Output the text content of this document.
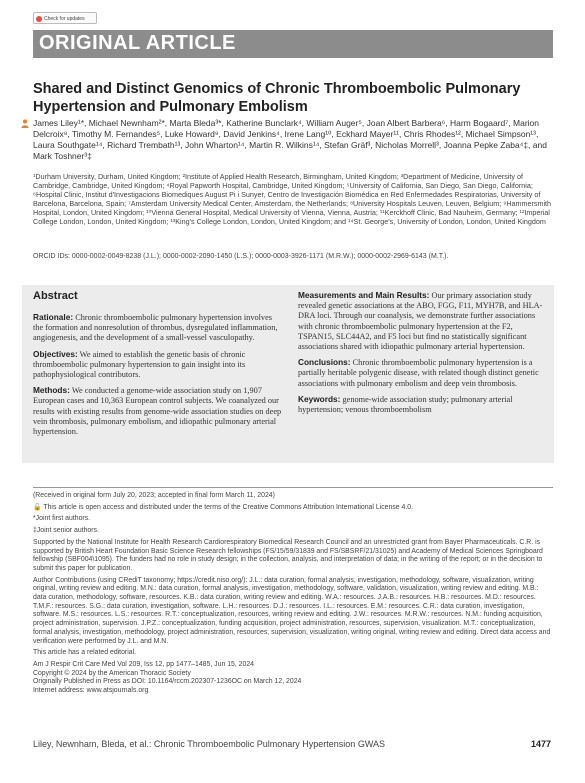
Check for updates
ORIGINAL ARTICLE
Shared and Distinct Genomics of Chronic Thromboembolic Pulmonary Hypertension and Pulmonary Embolism
James Liley¹*, Michael Newnham²*, Marta Bleda³*, Katherine Bunclark⁴, William Auger⁵, Joan Albert Barbera⁶, Harm Bogaard⁷, Marion Delcroix⁸, Timothy M. Fernandes⁵, Luke Howard⁹, David Jenkins⁴, Irene Lang¹⁰, Eckhard Mayer¹¹, Chris Rhodes¹², Michael Simpson¹³, Laura Southgate¹⁴, Richard Trembath¹³, John Wharton¹⁴, Martin R. Wilkins¹⁴, Stefan Gräf³, Nicholas Morrell³, Joanna Pepke Zaba⁴‡, and Mark Toshner³‡
¹Durham University, Durham, United Kingdom; ²Institute of Applied Health Research, Birmingham, United Kingdom; ³Department of Medicine, University of Cambridge, Cambridge, United Kingdom; ⁴Royal Papworth Hospital, Cambridge, United Kingdom; ⁵University of California, San Diego, San Diego, California; ⁶Hospital Clinic, Institut d'Investigacions Biomediques August Pi i Sunyer, Centro de Investigación Biomédica en Red Enfermedades Respiratorias, University of Barcelona, Barcelona, Spain; ⁷Amsterdam University Medical Center, Amsterdam, the Netherlands; ⁸University Hospitals Leuven, Leuven, Belgium; ⁹Hammersmith Hospital, London, United Kingdom; ¹⁰Vienna General Hospital, Medical University of Vienna, Vienna, Austria; ¹¹Kerckhoff Clinic, Bad Nauheim, Germany; ¹²Imperial College London, London, United Kingdom; ¹³King's College London, London, United Kingdom; and ¹⁴St. George's, University of London, London, United Kingdom
ORCID IDs: 0000-0002-0049-8238 (J.L.); 0000-0002-2090-1450 (L.S.); 0000-0003-3926-1171 (M.R.W.); 0000-0002-2969-6143 (M.T.).
Abstract

Rationale: Chronic thromboembolic pulmonary hypertension involves the formation and nonresolution of thrombus, dysregulated inflammation, angiogenesis, and the development of a small-vessel vasculopathy.

Objectives: We aimed to establish the genetic basis of chronic thromboembolic pulmonary hypertension to gain insight into its pathophysiological contributors.

Methods: We conducted a genome-wide association study on 1,907 European cases and 10,363 European control subjects. We coanalyzed our results with existing results from genome-wide association studies on deep vein thrombosis, pulmonary embolism, and idiopathic pulmonary arterial hypertension.

Measurements and Main Results: Our primary association study revealed genetic associations at the ABO, FGG, F11, MYH7B, and HLA-DRA loci. Through our coanalysis, we demonstrate further associations with chronic thromboembolic pulmonary hypertension at the F2, TSPAN15, SLC44A2, and F5 loci but find no statistically significant associations shared with idiopathic pulmonary arterial hypertension.

Conclusions: Chronic thromboembolic pulmonary hypertension is a partially heritable polygenic disease, with related though distinct genetic associations with pulmonary embolism and deep vein thrombosis.

Keywords: genome-wide association study; pulmonary arterial hypertension; venous thromboembolism

(Received in original form July 20, 2023; accepted in final form March 11, 2024)

🔓 This article is open access and distributed under the terms of the Creative Commons Attribution International License 4.0.

*Joint first authors.

‡Joint senior authors.

Supported by the National Institute for Health Research Cardiorespiratory Biomedical Research Council and an unrestricted grant from Bayer Pharmaceuticals. C.R. is supported by British Heart Foundation Basic Science Research fellowships (FS/15/59/31839 and FS/SBSRF/21/31025) and Academy of Medical Sciences Springboard fellowship (SBF004\1095). The funders had no role in study design; in the collection, analysis, and interpretation of data; in the writing of the report; or in the decision to submit this paper for publication.

Author Contributions (using CRediT taxonomy; https://credit.niso.org/): J.L.: data curation, formal analysis, investigation, methodology, software, visualization, writing original, writing review and editing. M.N.: data curation, formal analysis, investigation, methodology, software, validation, visualization, writing review and editing. M.B.: data curation, methodology, software, resources. K.B.: data curation, writing review and editing. W.A.: resources. J.A.B.: resources. H.B.: resources. M.D.: resources. T.M.F.: resources. S.G.: data curation, investigation, software. L.H.: resources. D.J.: resources. I.L.: resources. E.M.: resources. C.R.: data curation, investigation, software. M.S.: resources. L.S.: resources. R.T.: conceptualization, resources, writing review and editing. J.W.: resources. M.R.W.: resources. N.M.: funding acquisition, project administration, supervision. J.P.Z.: conceptualization, funding acquisition, project administration, resources, supervision, visualization. M.T.: conceptualization, formal analysis, investigation, methodology, project administration, resources, supervision, visualization, writing original, writing review and editing. Direct data access and verification were performed by J.L. and M.N.

This article has a related editorial.

Am J Respir Crit Care Med Vol 209, Iss 12, pp 1477–1485, Jun 15, 2024

Copyright © 2024 by the American Thoracic Society

Originally Published in Press as DOI: 10.1164/rccm.202307-1236OC on March 12, 2024

Internet address: www.atsjournals.org

Liley, Newnham, Bleda, et al.: Chronic Thromboembolic Pulmonary Hypertension GWAS	1477
